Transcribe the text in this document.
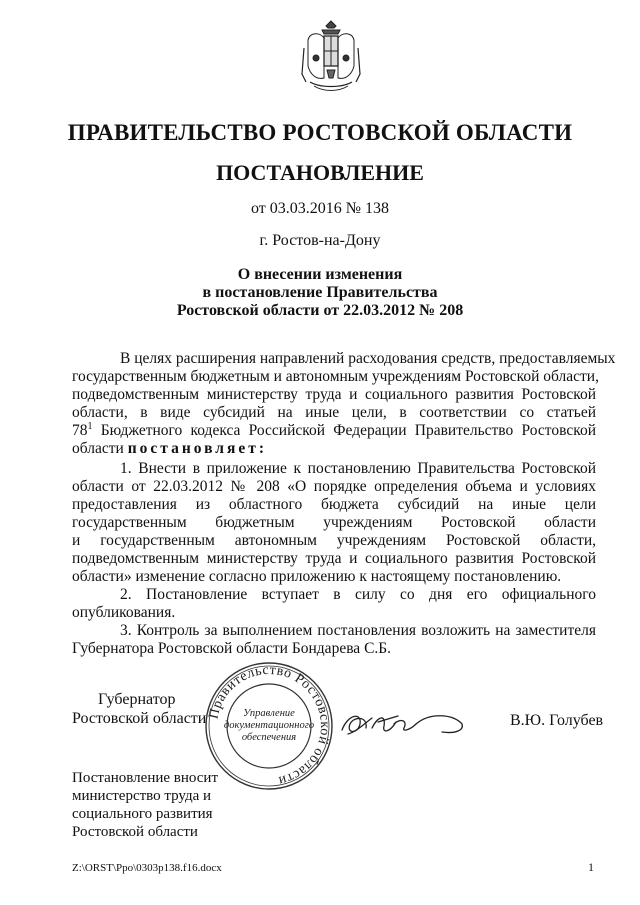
ПРАВИТЕЛЬСТВО РОСТОВСКОЙ ОБЛАСТИ
ПОСТАНОВЛЕНИЕ
от 03.03.2016 № 138
г. Ростов-на-Дону
О внесении изменения
в постановление Правительства
Ростовской области от 22.03.2012 № 208
В целях расширения направлений расходования средств, предоставляемых
государственным бюджетным и автономным учреждениям Ростовской области,
подведомственным министерству труда и социального развития Ростовской
области, в виде субсидий на иные цели, в соответствии со статьей
$78^1$ Бюджетного кодекса Российской Федерации Правительство Ростовской
области постановляет:
1. Внести в приложение к постановлению Правительства Ростовской
области от 22.03.2012 № 208 «О порядке определения объема и условиях
предоставления из областного бюджета субсидий на иные цели
государственным бюджетным учреждениям Ростовской области
и государственным автономным учреждениям Ростовской области,
подведомственным министерству труда и социального развития Ростовской
области» изменение согласно приложению к настоящему постановлению.
2. Постановление вступает в силу со дня его официального
опубликования.
3. Контроль за выполнением постановления возложить на заместителя
Губернатора Ростовской области Бондарева С.Б.
Губернатор
Ростовской области Правительство Ростовской области
Управление
документационного
обеспечения
В.Ю. Голубев
Постановление вносит
министерство труда и
социального развития
Ростовской области
Z:\ORST\Ppo\0303p138.f16.docx	1
